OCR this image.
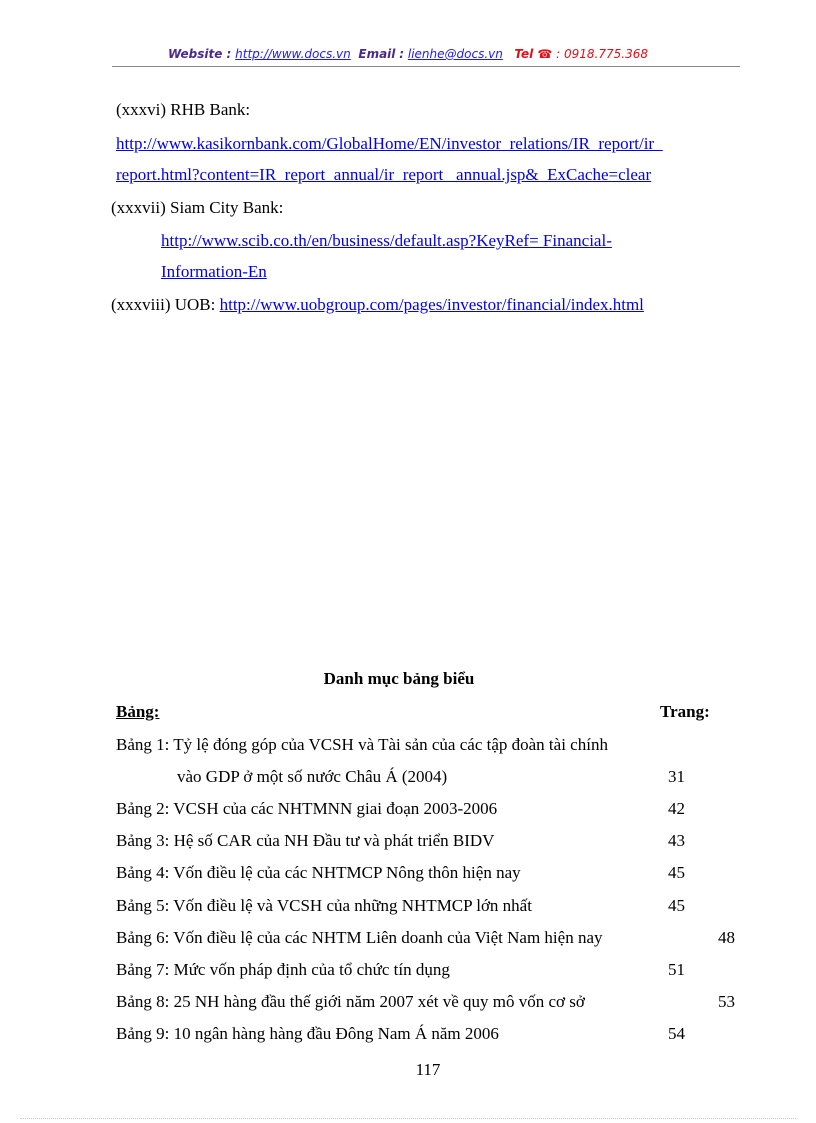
Website : http://www.docs.vn Email : lienhe@docs.vn Tel ☎ : 0918.775.368
(xxxvi) RHB Bank:
http://www.kasikornbank.com/GlobalHome/EN/investor_relations/IR_report/ir_
report.html?content=IR_report_annual/ir_report _annual.jsp&_ExCache=clear
(xxxvii) Siam City Bank:
http://www.scib.co.th/en/business/default.asp?KeyRef= Financial-
Information-En
(xxxviii) UOB: http://www.uobgroup.com/pages/investor/financial/index.html
Danh mục bảng biểu
Bảng:	Trang:
Bảng 1: Tỷ lệ đóng góp của VCSH và Tài sản của các tập đoàn tài chính
vào GDP ở một số nước Châu Á (2004)	31
Bảng 2: VCSH của các NHTMNN giai đoạn 2003-2006	42
Bảng 3: Hệ số CAR của NH Đầu tư và phát triển BIDV	43
Bảng 4: Vốn điều lệ của các NHTMCP Nông thôn hiện nay	45
Bảng 5: Vốn điều lệ và VCSH của những NHTMCP lớn nhất	45
Bảng 6: Vốn điều lệ của các NHTM Liên doanh của Việt Nam hiện nay	48
Bảng 7: Mức vốn pháp định của tổ chức tín dụng	51
Bảng 8: 25 NH hàng đầu thế giới năm 2007 xét về quy mô vốn cơ sở	53
Bảng 9: 10 ngân hàng hàng đầu Đông Nam Á năm 2006	54
117
